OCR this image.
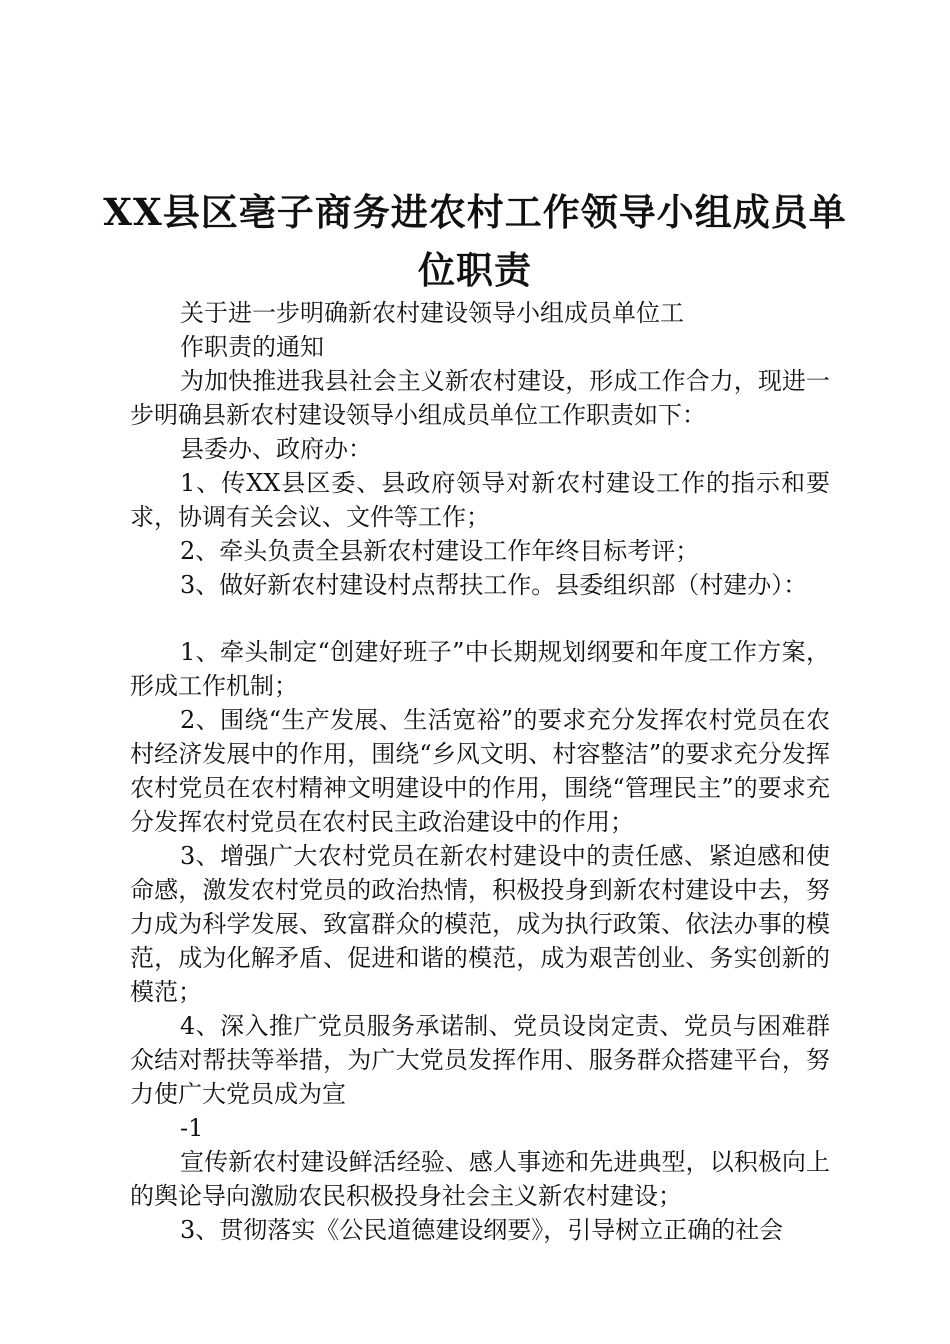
XX县区亳子商务进农村工作领导小组成员单
位职责

关于进一步明确新农村建设领导小组成员单位工

作职责的通知

为加快推进我县社会主义新农村建设，形成工作合力，现进一步明确县新农村建设领导小组成员单位工作职责如下：

县委办、政府办：

1、传XX县区委、县政府领导对新农村建设工作的指示和要求，协调有关会议、文件等工作；

2、牵头负责全县新农村建设工作年终目标考评；

3、做好新农村建设村点帮扶工作。县委组织部（村建办）：

1、牵头制定“创建好班子”中长期规划纲要和年度工作方案，形成工作机制；

2、围绕“生产发展、生活宽裕”的要求充分发挥农村党员在农村经济发展中的作用，围绕“乡风文明、村容整洁”的要求充分发挥农村党员在农村精神文明建设中的作用，围绕“管理民主”的要求充分发挥农村党员在农村民主政治建设中的作用；

3、增强广大农村党员在新农村建设中的责任感、紧迫感和使命感，激发农村党员的政治热情，积极投身到新农村建设中去，努力成为科学发展、致富群众的模范，成为执行政策、依法办事的模范，成为化解矛盾、促进和谐的模范，成为艰苦创业、务实创新的模范；

4、深入推广党员服务承诺制、党员设岗定责、党员与困难群众结对帮扶等举措，为广大党员发挥作用、服务群众搭建平台，努力使广大党员成为宣

-1

宣传新农村建设鲜活经验、感人事迹和先进典型，以积极向上的舆论导向激励农民积极投身社会主义新农村建设；

3、贯彻落实《公民道德建设纲要》，引导树立正确的社会
